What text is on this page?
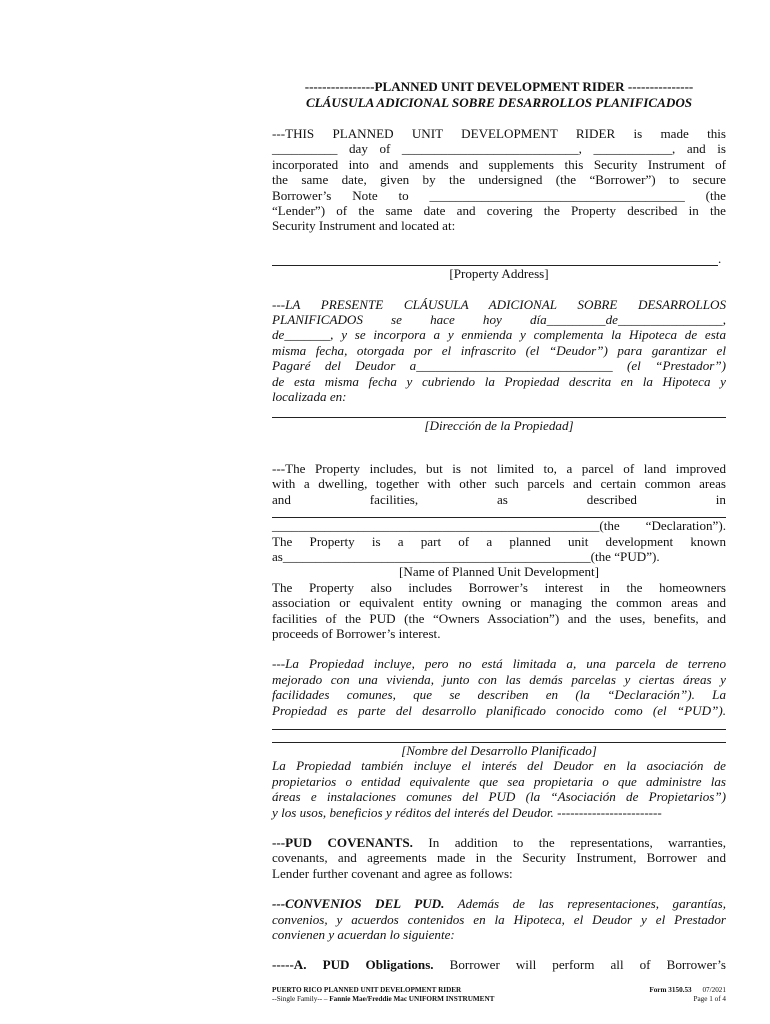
----------------PLANNED UNIT DEVELOPMENT RIDER ---------------
CLÁUSULA ADICIONAL SOBRE DESARROLLOS PLANIFICADOS
---THIS PLANNED UNIT DEVELOPMENT RIDER is made this
__________ day of ___________________________, ____________, and is
incorporated into and amends and supplements this Security Instrument of
the same date, given by the undersigned (the “Borrower”) to secure
Borrower’s Note to _______________________________________ (the
“Lender”) of the same date and covering the Property described in the
Security Instrument and located at:
.
[Property Address]
---LA PRESENTE CLÁUSULA ADICIONAL SOBRE DESARROLLOS
PLANIFICADOS se hace hoy día_________de________________,
de_______, y se incorpora a y enmienda y complementa la Hipoteca de esta
misma fecha, otorgada por el infrascrito (el “Deudor”) para garantizar el
Pagaré del Deudor a______________________________ (el “Prestador”)
de esta misma fecha y cubriendo la Propiedad descrita en la Hipoteca y
localizada en:
[Dirección de la Propiedad]
---The Property includes, but is not limited to, a parcel of land improved
with a dwelling, together with other such parcels and certain common areas
and	facilities,	as	described	in
__________________________________________________(the “Declaration”).
The Property is a part of a planned unit development known
as_______________________________________________(the “PUD”).
[Name of Planned Unit Development]
The Property also includes Borrower’s interest in the homeowners
association or equivalent entity owning or managing the common areas and
facilities of the PUD (the “Owners Association”) and the uses, benefits, and
proceeds of Borrower’s interest.
---La Propiedad incluye, pero no está limitada a, una parcela de terreno
mejorado con una vivienda, junto con las demás parcelas y ciertas áreas y
facilidades comunes, que se describen en (la “Declaración”). La
Propiedad es parte del desarrollo planificado conocido como (el “PUD”).
[Nombre del Desarrollo Planificado]
La Propiedad también incluye el interés del Deudor en la asociación de
propietarios o entidad equivalente que sea propietaria o que administre las
áreas e instalaciones comunes del PUD (la “Asociación de Propietarios”)
y los usos, beneficios y réditos del interés del Deudor. ------------------------
---PUD COVENANTS. In addition to the representations, warranties,
covenants, and agreements made in the Security Instrument, Borrower and
Lender further covenant and agree as follows:
---CONVENIOS DEL PUD. Además de las representaciones, garantías,
convenios, y acuerdos contenidos en la Hipoteca, el Deudor y el Prestador
convienen y acuerdan lo siguiente:
-----A. PUD Obligations. Borrower will perform all of Borrower’s
PUERTO RICO PLANNED UNIT DEVELOPMENT RIDER	Form 3150.53 07/2021
--Single Family-- – Fannie Mae/Freddie Mac UNIFORM INSTRUMENT	Page 1 of 4
